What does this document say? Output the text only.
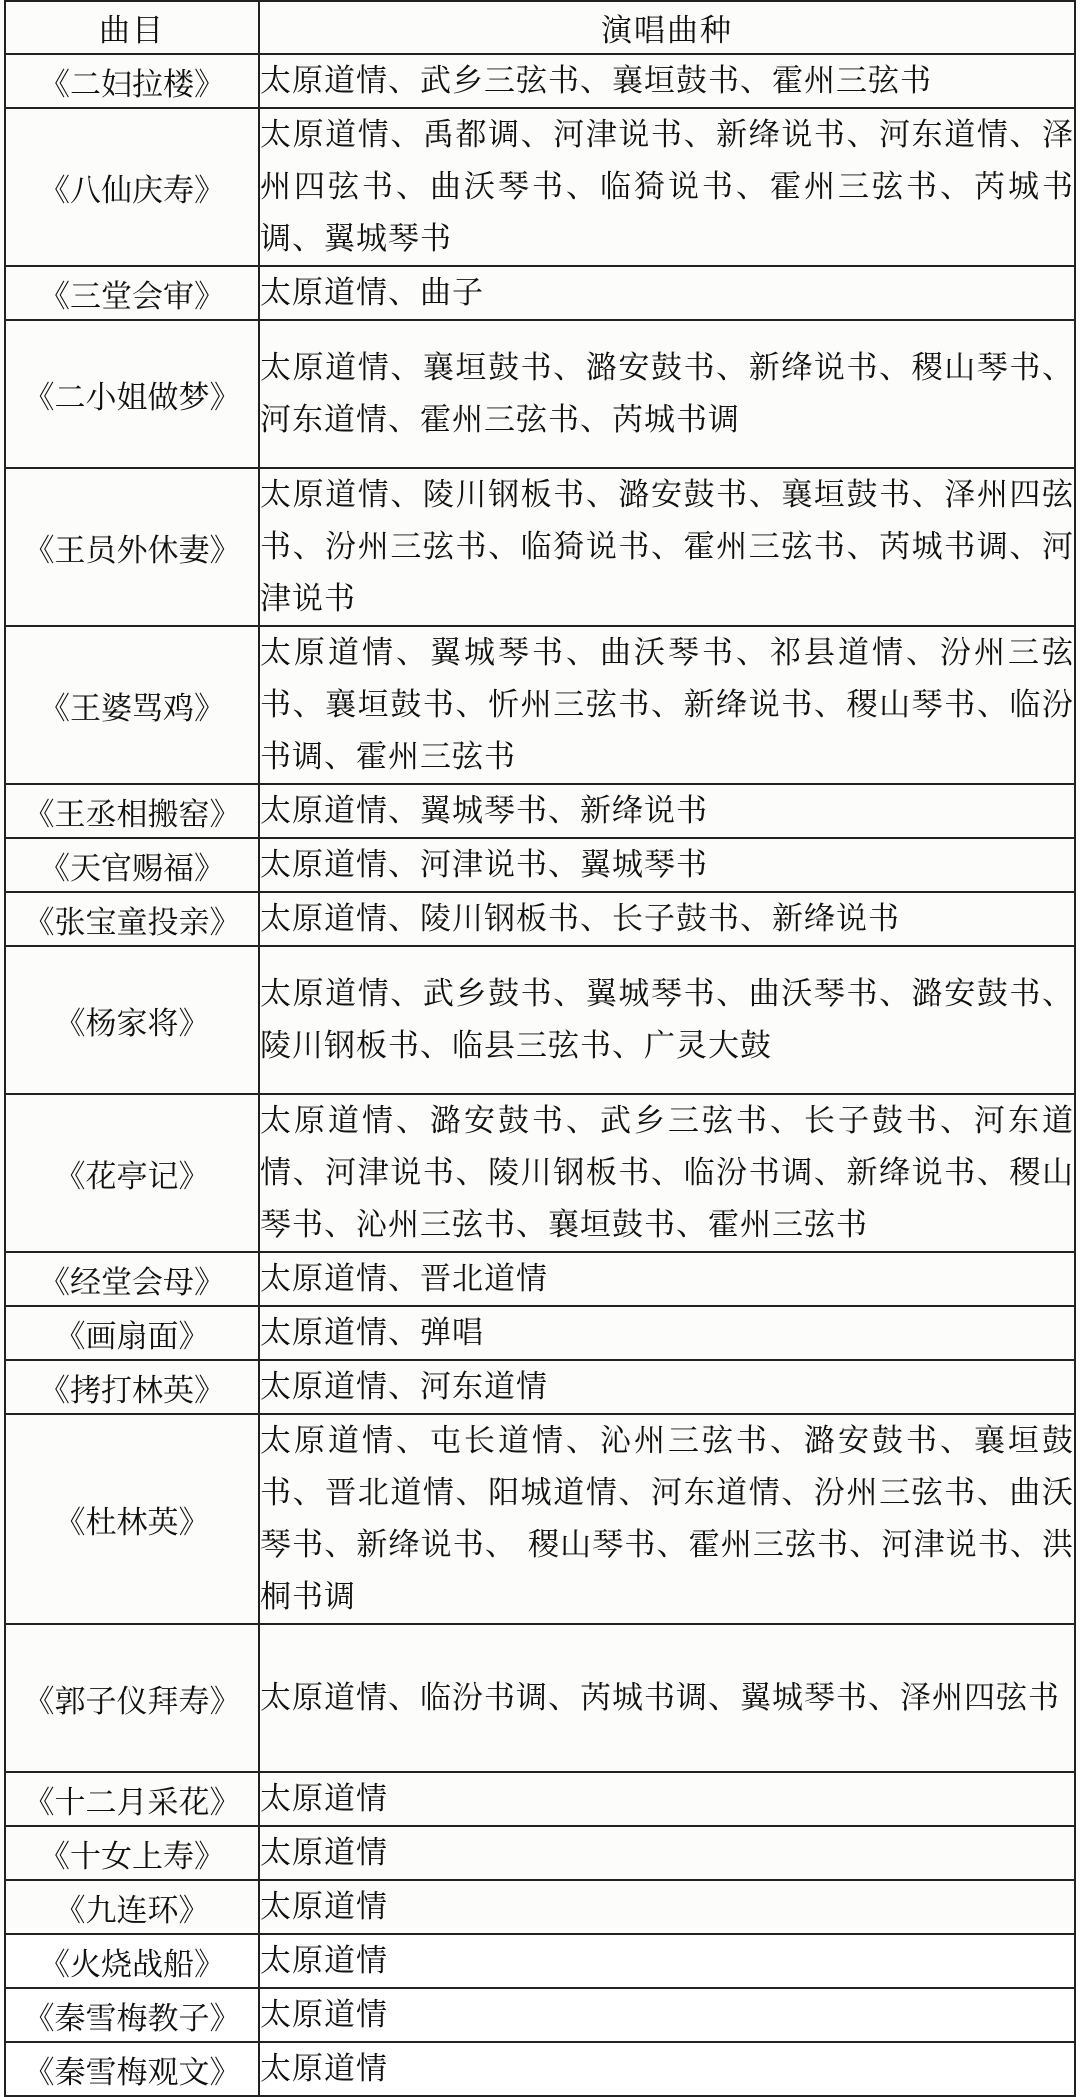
曲目	演唱曲种
《二妇拉楼》	太原道情、武乡三弦书、襄垣鼓书、霍州三弦书
《八仙庆寿》	太原道情、禹都调、河津说书、新绛说书、河东道情、泽州四弦书、曲沃琴书、临猗说书、霍州三弦书、芮城书调、翼城琴书
《三堂会审》	太原道情、曲子
《二小姐做梦》	太原道情、襄垣鼓书、潞安鼓书、新绛说书、稷山琴书、河东道情、霍州三弦书、芮城书调
《王员外休妻》	太原道情、陵川钢板书、潞安鼓书、襄垣鼓书、泽州四弦书、汾州三弦书、临猗说书、霍州三弦书、芮城书调、河津说书
《王婆骂鸡》	太原道情、翼城琴书、曲沃琴书、祁县道情、汾州三弦书、襄垣鼓书、忻州三弦书、新绛说书、稷山琴书、临汾书调、霍州三弦书
《王丞相搬窑》	太原道情、翼城琴书、新绛说书
《天官赐福》	太原道情、河津说书、翼城琴书
《张宝童投亲》	太原道情、陵川钢板书、长子鼓书、新绛说书
《杨家将》	太原道情、武乡鼓书、翼城琴书、曲沃琴书、潞安鼓书、陵川钢板书、临县三弦书、广灵大鼓
《花亭记》	太原道情、潞安鼓书、武乡三弦书、长子鼓书、河东道情、河津说书、陵川钢板书、临汾书调、新绛说书、稷山琴书、沁州三弦书、襄垣鼓书、霍州三弦书
《经堂会母》	太原道情、晋北道情
《画扇面》	太原道情、弹唱
《拷打林英》	太原道情、河东道情
《杜林英》	太原道情、屯长道情、沁州三弦书、潞安鼓书、襄垣鼓书、晋北道情、阳城道情、河东道情、汾州三弦书、曲沃琴书、新绛说书、 稷山琴书、霍州三弦书、河津说书、洪桐书调
《郭子仪拜寿》	太原道情、临汾书调、芮城书调、翼城琴书、泽州四弦书
《十二月采花》	太原道情
《十女上寿》	太原道情
《九连环》	太原道情
《火烧战船》	太原道情
《秦雪梅教子》	太原道情
《秦雪梅观文》	太原道情
